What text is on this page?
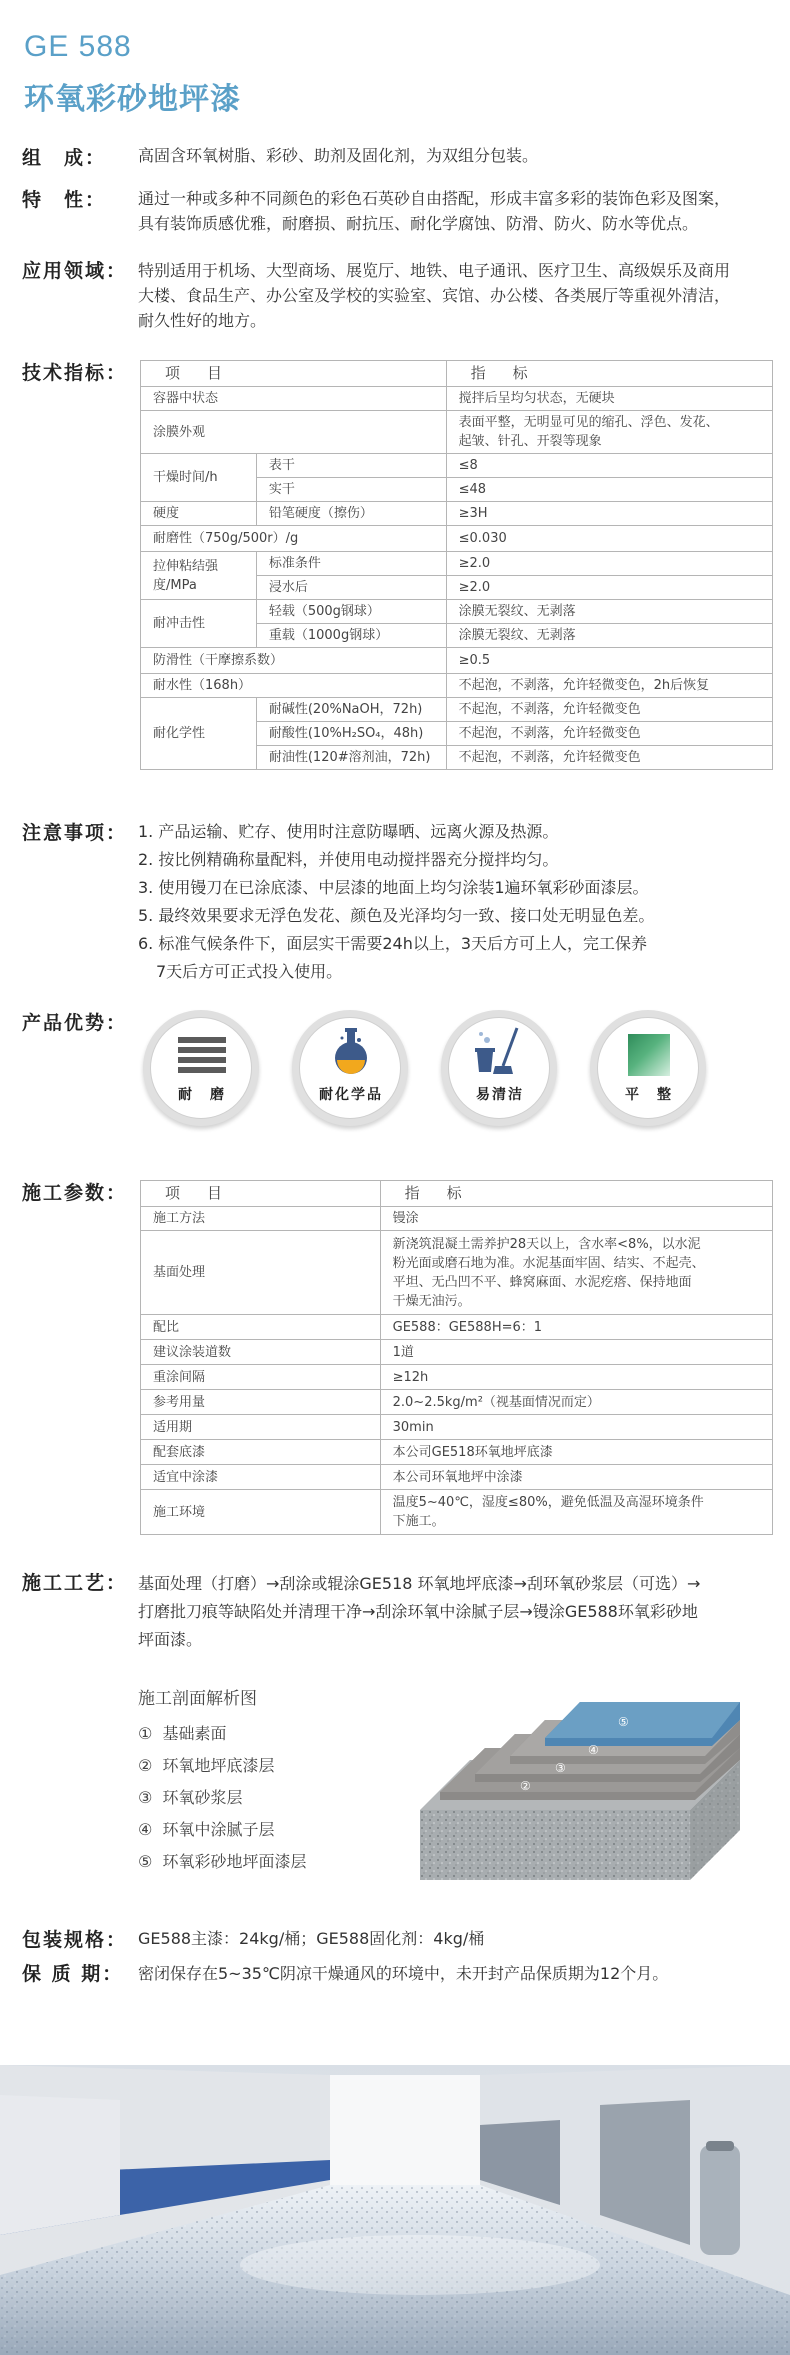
GE 588
环氧彩砂地坪漆
组　成： 高固含环氧树脂、彩砂、助剂及固化剂，为双组分包装。
特　性： 通过一种或多种不同颜色的彩色石英砂自由搭配，形成丰富多彩的装饰色彩及图案，
具有装饰质感优雅，耐磨损、耐抗压、耐化学腐蚀、防滑、防火、防水等优点。
应用领域： 特别适用于机场、大型商场、展览厅、地铁、电子通讯、医疗卫生、高级娱乐及商用
大楼、食品生产、办公室及学校的实验室、宾馆、办公楼、各类展厅等重视外清洁，
耐久性好的地方。
技术指标：	项　目		指　标
容器中状态		搅拌后呈均匀状态，无硬块
涂膜外观		表面平整，无明显可见的缩孔、浮色、发花、
起皱、针孔、开裂等现象

干燥时间/h	表干	≤8
	实干	≤48
硬度	铅笔硬度（擦伤）	≥3H
耐磨性（750g/500r）/g		≤0.030

拉伸粘结强
度/MPa	标准条件	≥2.0
	浸水后	≥2.0
耐冲击性	轻载（500g钢球）	涂膜无裂纹、无剥落
	重载（1000g钢球）	涂膜无裂纹、无剥落
防滑性（干摩擦系数）		≥0.5
耐水性（168h）		不起泡，不剥落，允许轻微变色，2h后恢复
耐化学性	耐碱性(20%NaOH，72h)	不起泡，不剥落，允许轻微变色
	耐酸性(10%H₂SO₄，48h)	不起泡，不剥落，允许轻微变色
	耐油性(120#溶剂油，72h)	不起泡，不剥落，允许轻微变色
注意事项： 1. 产品运输、贮存、使用时注意防曝晒、远离火源及热源。
2. 按比例精确称量配料，并使用电动搅拌器充分搅拌均匀。
3. 使用镘刀在已涂底漆、中层漆的地面上均匀涂装1遍环氧彩砂面漆层。
5. 最终效果要求无浮色发花、颜色及光泽均匀一致、接口处无明显色差。
6. 标准气候条件下，面层实干需要24h以上，3天后方可上人，完工保养
7天后方可正式投入使用。
产品优势：
耐　磨	耐化学品	易清洁	平　整
施工参数：	项　目	指　标
施工方法	镘涂
基面处理	新浇筑混凝土需养护28天以上，含水率<8%，以水泥
粉光面或磨石地为准。水泥基面牢固、结实、不起壳、
平坦、无凸凹不平、蜂窝麻面、水泥疙瘩、保持地面
干燥无油污。

配比	GE588：GE588H=6：1
建议涂装道数	1道
重涂间隔	≥12h
参考用量	2.0~2.5kg/m²（视基面情况而定）
适用期	30min
配套底漆	本公司GE518环氧地坪底漆
适宜中涂漆	本公司环氧地坪中涂漆
施工环境	温度5~40℃，湿度≤80%，避免低温及高湿环境条件
下施工。
施工工艺： 基面处理（打磨）→刮涂或辊涂GE518 环氧地坪底漆→刮环氧砂浆层（可选）→
打磨批刀痕等缺陷处并清理干净→刮涂环氧中涂腻子层→镘涂GE588环氧彩砂地
坪面漆。
施工剖面解析图
① 基础素面
② 环氧地坪底漆层
③ 环氧砂浆层
④ 环氧中涂腻子层
⑤ 环氧彩砂地坪面漆层
⑤
④
③
②
包装规格： GE588主漆：24kg/桶；GE588固化剂：4kg/桶
保 质 期： 密闭保存在5~35℃阴凉干燥通风的环境中，未开封产品保质期为12个月。
